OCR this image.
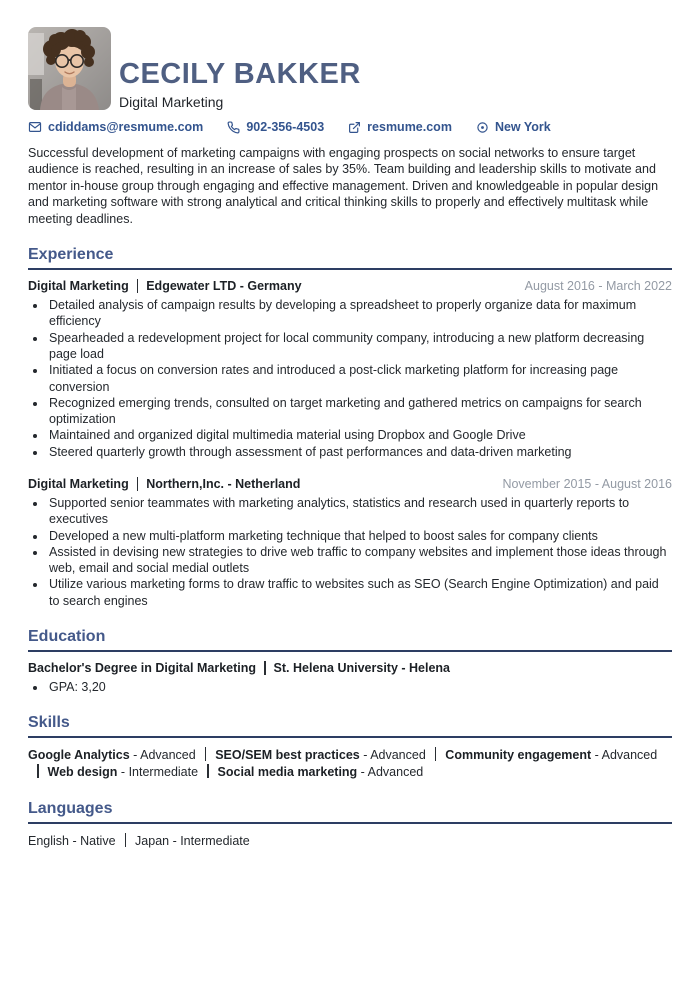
CECILY BAKKER
Digital Marketing
cdiddams@resmume.com	902-356-4503	resmume.com	New York

Successful development of marketing campaigns with engaging prospects on social networks to ensure target audience is reached, resulting in an increase of sales by 35%. Team building and leadership skills to motivate and mentor in-house group through engaging and effective management. Driven and knowledgeable in popular design and marketing software with strong analytical and critical thinking skills to properly and effectively multitask while meeting deadlines.

Experience
Digital Marketing Edgewater LTD - Germany	August 2016 - March 2022
• Detailed analysis of campaign results by developing a spreadsheet to properly organize data for maximum efficiency
• Spearheaded a redevelopment project for local community company, introducing a new platform decreasing page load
• Initiated a focus on conversion rates and introduced a post-click marketing platform for increasing page conversion
• Recognized emerging trends, consulted on target marketing and gathered metrics on campaigns for search optimization
• Maintained and organized digital multimedia material using Dropbox and Google Drive
• Steered quarterly growth through assessment of past performances and data-driven marketing
Digital Marketing Northern,Inc. - Netherland	November 2015 - August 2016
• Supported senior teammates with marketing analytics, statistics and research used in quarterly reports to executives
• Developed a new multi-platform marketing technique that helped to boost sales for company clients
• Assisted in devising new strategies to drive web traffic to company websites and implement those ideas through web, email and social medial outlets
• Utilize various marketing forms to draw traffic to websites such as SEO (Search Engine Optimization) and paid to search engines
Education
Bachelor's Degree in Digital Marketing St. Helena University - Helena
• GPA: 3,20
Skills
Google Analytics - Advanced SEO/SEM best practices - Advanced Community engagement - AdvancedWeb design - Intermediate Social media marketing - Advanced
Languages
English - Native Japan - Intermediate
